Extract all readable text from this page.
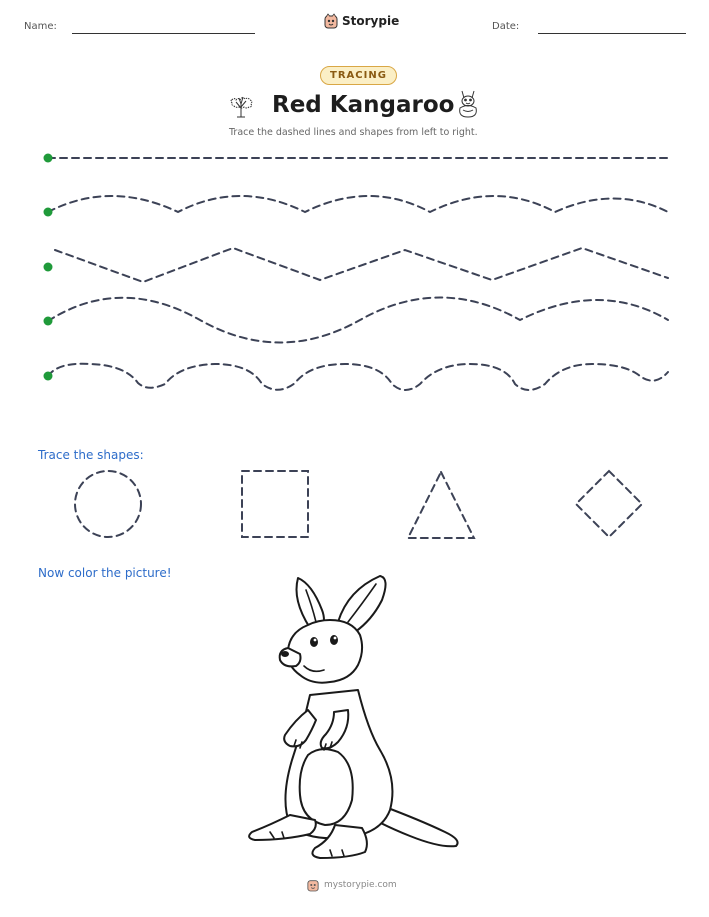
Name:	Storypie	Date:
TRACING
Red Kangaroo
Trace the dashed lines and shapes from left to right.
Trace the shapes:
Now color the picture!
mystorypie.com
